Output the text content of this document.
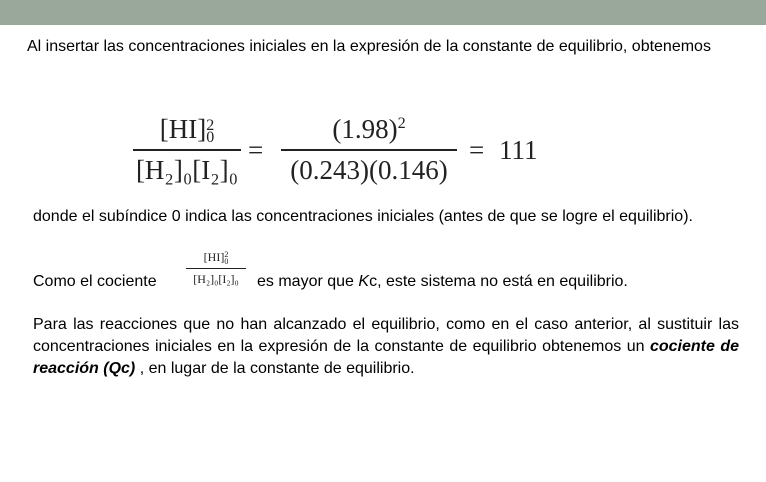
Al insertar las concentraciones iniciales en la expresión de la constante de equilibrio, obtenemos

[HI] 2
0
[H₂]₀[I₂]₀
=
$(1.98)^2$
(0.243)(0.146)
= 111

donde el subíndice 0 indica las concentraciones iniciales (antes de que se logre el equilibrio).

[HI] 2
0
[H₂]₀[I₂]₀
Como el cociente	es mayor que Kc, este sistema no está en equilibrio.

Para las reacciones que no han alcanzado el equilibrio, como en el caso anterior, al sustituir las concentraciones iniciales en la expresión de la constante de equilibrio obtenemos un cociente de reacción (Qc) , en lugar de la constante de equilibrio.
